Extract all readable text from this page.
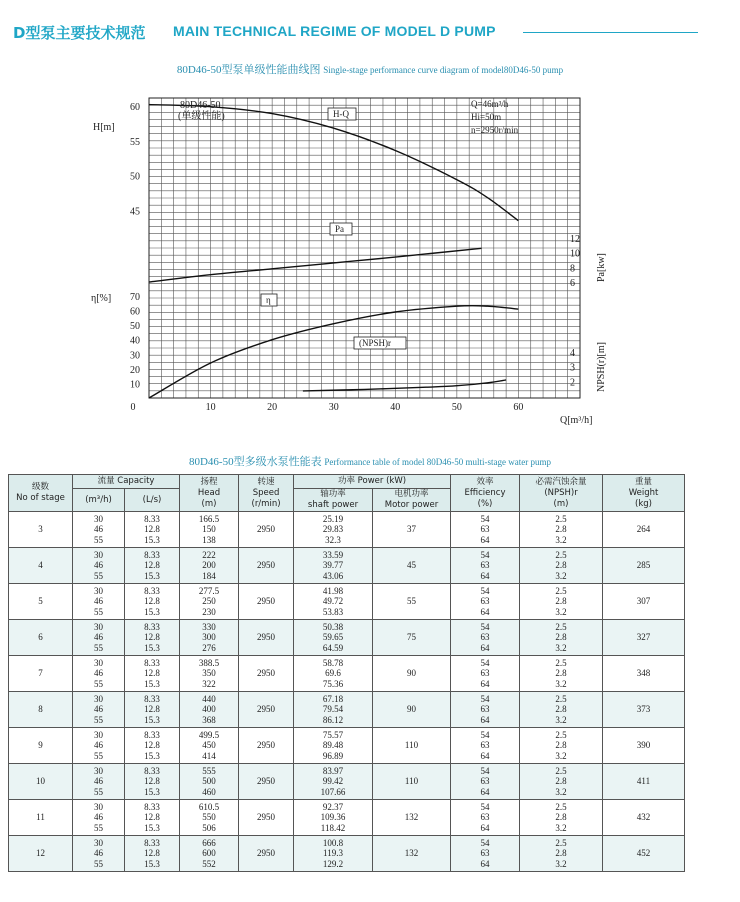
D型泵主要技术规范 MAIN TECHNICAL REGIME OF MODEL D PUMP
80D46-50型泵单级性能曲线图 Single-stage performance curve diagram of model80D46-50 pump
0	10	20	30	40	50	60
Q[m³/h]
45
50
55
60
H[m]
10
20
30
40
50
60
70
η[%]
6
8
10
12
Pa[kw]
2
3
4 NPSH(r)[m]
80D46-50
(单级性能)
Q=46m³/h
Hi=50m
n=2950r/min
H-Q
Pa
η
(NPSH)r
80D46-50型多级水泵性能表 Performance table of model 80D46-50 multi-stage water pump
级数
No of stage	流量 Capacity		扬程
Head
(m)	转速
Speed
(r/min)	功率 Power (kW)		效率
Efficiency
(%)	必需汽蚀余量
(NPSH)r
(m)	重量
Weight
(kg)
	(m³/h)	(L/s)			轴功率
shaft power	电机功率
Motor power			
3	30
46
55	8.33
12.8
15.3	166.5
150
138	2950	25.19
29.83
32.3	37	54
63
64	2.5
2.8
3.2	264
4	30
46
55	8.33
12.8
15.3	222
200
184	2950	33.59
39.77
43.06	45	54
63
64	2.5
2.8
3.2	285
5	30
46
55	8.33
12.8
15.3	277.5
250
230	2950	41.98
49.72
53.83	55	54
63
64	2.5
2.8
3.2	307
6	30
46
55	8.33
12.8
15.3	330
300
276	2950	50.38
59.65
64.59	75	54
63
64	2.5
2.8
3.2	327
7	30
46
55	8.33
12.8
15.3	388.5
350
322	2950	58.78
69.6
75.36	90	54
63
64	2.5
2.8
3.2	348
8	30
46
55	8.33
12.8
15.3	440
400
368	2950	67.18
79.54
86.12	90	54
63
64	2.5
2.8
3.2	373
9	30
46
55	8.33
12.8
15.3	499.5
450
414	2950	75.57
89.48
96.89	110	54
63
64	2.5
2.8
3.2	390
10	30
46
55	8.33
12.8
15.3	555
500
460	2950	83.97
99.42
107.66	110	54
63
64	2.5
2.8
3.2	411
11	30
46
55	8.33
12.8
15.3	610.5
550
506	2950	92.37
109.36
118.42	132	54
63
64	2.5
2.8
3.2	432
12	30
46
55	8.33
12.8
15.3	666
600
552	2950	100.8
119.3
129.2	132	54
63
64	2.5
2.8
3.2	452
